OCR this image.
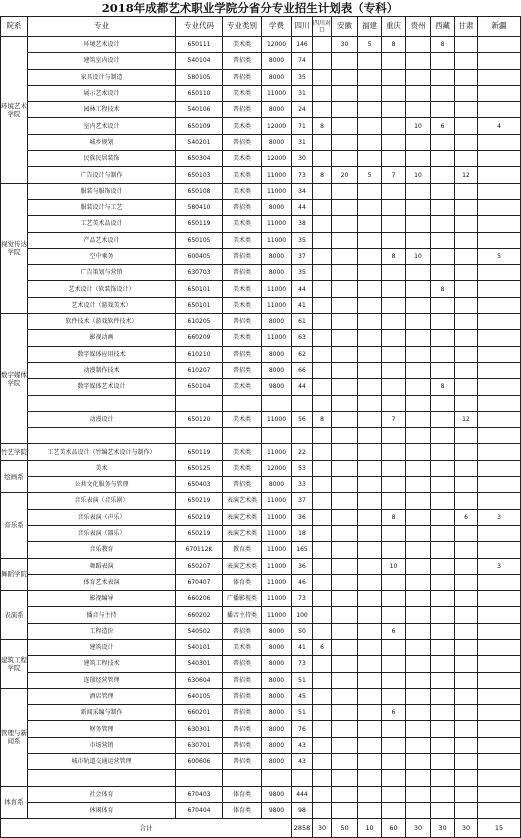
2018年成都艺术职业学院分省分专业招生计划表（专科）
院系	专业	专业代码	专业类别	学费	四川	四川对口	安徽	福建	重庆	贵州	西藏	甘肃	新疆
环境艺术学院	环境艺术设计	650111	美术类	12000	146		30	5	8		8		
	建筑室内设计	540104	普招类	8000	74								
	家具设计与制造	580105	普招类	8000	35								
	展示艺术设计	650110	美术类	11000	31								
	园林工程技术	540106	普招类	8000	24								
	室内艺术设计	650109	美术类	12000	71	8				10	6		4
	城乡规划	540201	普招类	8000	31								
	民族民居装饰	650304	美术类	12000	30								
	广告设计与制作	650103	美术类	11000	73	8	20	5	7	10		12	
视觉传达学院	服装与服饰设计	650108	美术类	11000	34								
	服装设计与工艺	580410	普招类	8000	44								
	工艺美术品设计	650119	美术类	11000	38								
	产品艺术设计	650105	美术类	11000	35								
	空中乘务	600405	普招类	8000	37				8	10			5
	广告策划与营销	630703	普招类	8000	35								
	艺术设计（软装饰设计）	650101	美术类	11000	44						8		
	艺术设计（游戏美术）	650101	美术类	11000	41								
数字媒体学院	软件技术（游戏软件技术）	610205	普招类	8000	61								
	影视动画	660209	美术类	11000	63								
	数字媒体应用技术	610210	普招类	8000	62								
	动漫制作技术	610207	普招类	8000	66								
	数字媒体艺术设计	650104	美术类	9800	44						8		

	动漫设计	650120	美术类	11000	56	8			7			12	

竹艺学院	工艺美术品设计（竹编艺术设计与制作）	650119	美术类	11000	22								
绘画系	美术	650125	美术类	12000	53								
	公共文化服务与管理	650403	普招类	8000	33								
音乐系	音乐表演（音乐剧）	650219	表演艺术类	11000	37								
	音乐表演（声乐）	650219	表演艺术类	11000	36				8			6	3
	音乐表演（器乐）	650219	表演艺术类	11000	18								
	音乐教育	670112K	教育类	11000	165								
舞蹈学院	舞蹈表演	650207	表演艺术类	11000	36				10				3
	体育艺术表演	670407	体育类	11000	46								
表演系	影视编导	660206	广播影视类	11000	73								
	播音与主持	660202	播音主持类	11000	100								
	工程造价	540502	普招类	8000	50				6				
建筑工程学院	建筑设计	540101	美术类	8000	41	6							
	建筑工程技术	540301	普招类	8000	73								
	连锁经营管理	630604	普招类	8000	51								
管理与新闻系	酒店管理	640105	普招类	8000	45								
	新闻采编与制作	660201	普招类	8000	51				6				
	财务管理	630301	普招类	8000	76								
	市场营销	630701	普招类	8000	43								
	城市轨道交通运营管理	600606	普招类	8000	43								

体育系	社会体育	670403	体育类	9800	444								
	休闲体育	670404	体育类	9800	98								
合计					2858	30	50	10	60	30	30	30	15
